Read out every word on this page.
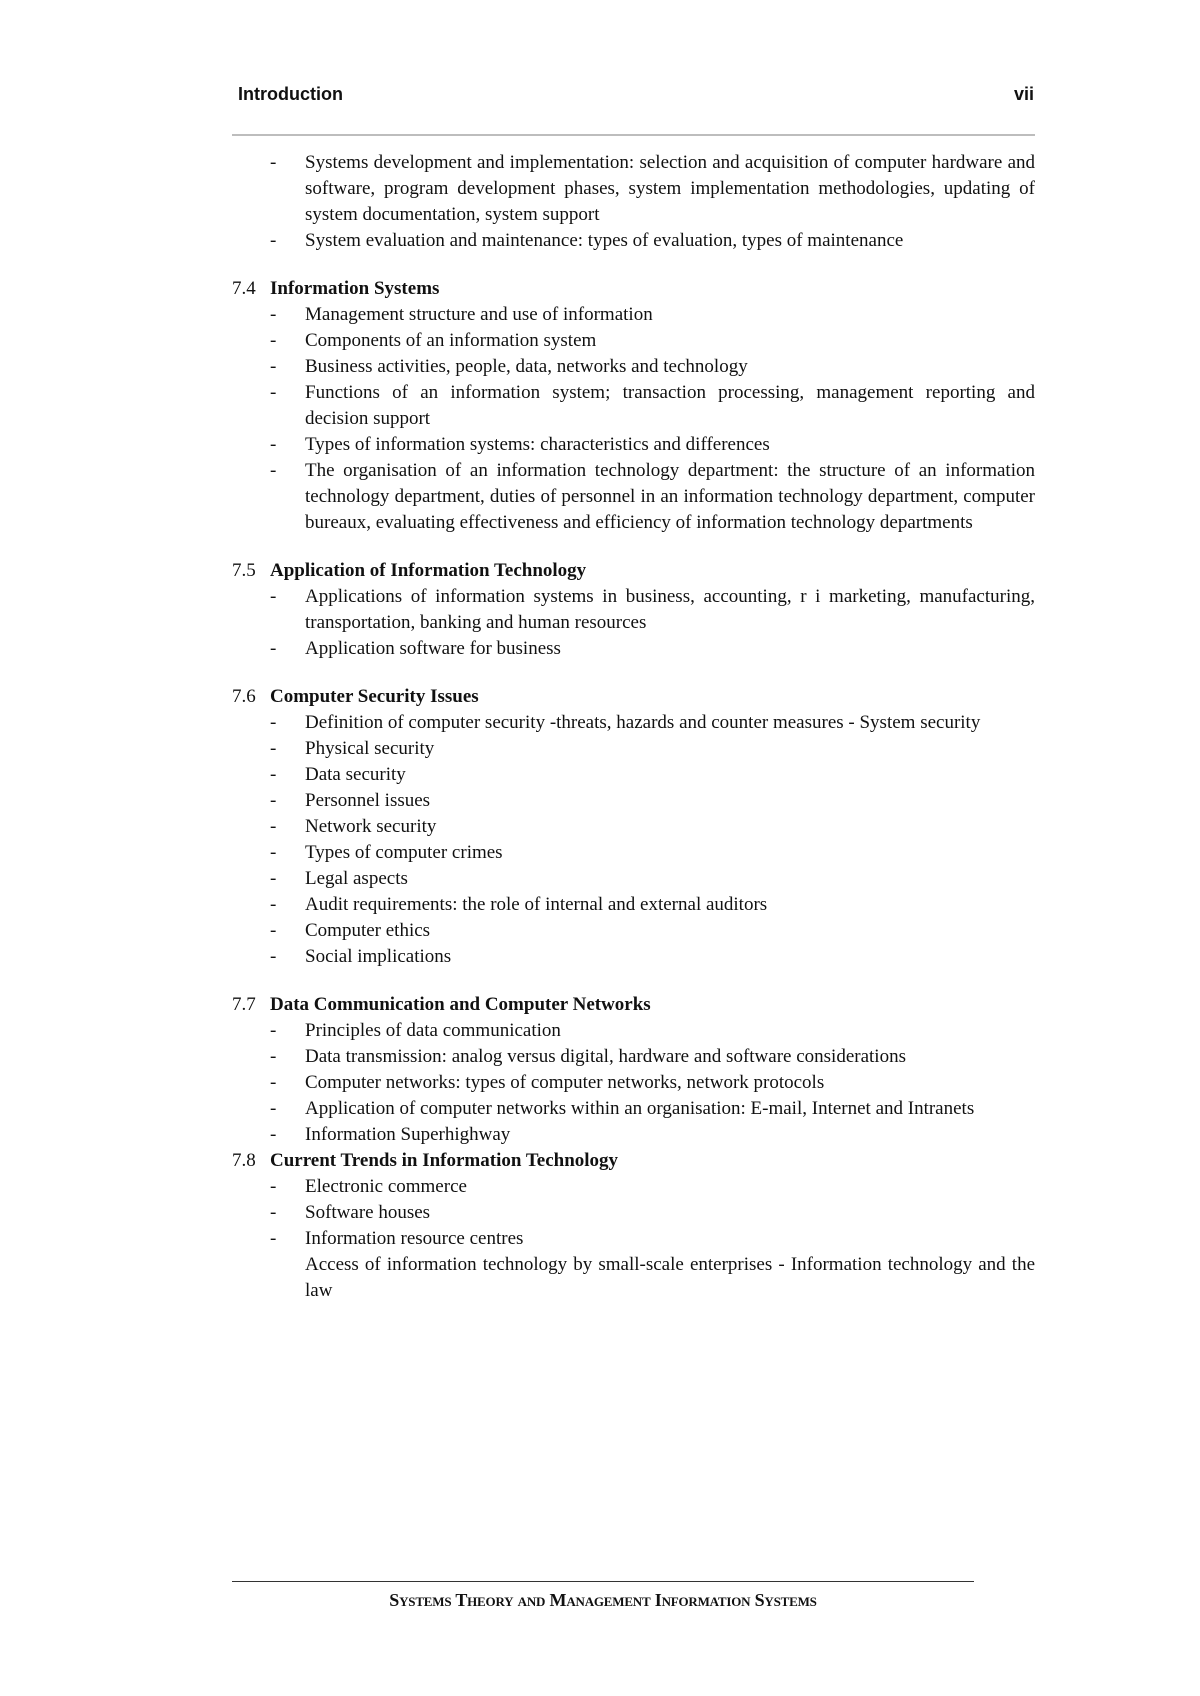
Introduction	vii
- Systems development and implementation: selection and acquisition of computer hardware and software, program development phases, system implementation methodologies, updating of system documentation, system support
- System evaluation and maintenance: types of evaluation, types of maintenance
7.4 Information Systems
- Management structure and use of information
- Components of an information system
- Business activities, people, data, networks and technology
- Functions of an information system; transaction processing, management reporting and decision support
- Types of information systems: characteristics and differences
- The organisation of an information technology department: the structure of an information technology department, duties of personnel in an information technology department, computer bureaux, evaluating effectiveness and efficiency of information technology departments
7.5 Application of Information Technology
- Applications of information systems in business, accounting, r i marketing, manufacturing, transportation, banking and human resources
- Application software for business
7.6 Computer Security Issues
- Definition of computer security -threats, hazards and counter measures - System security
- Physical security
- Data security
- Personnel issues
- Network security
- Types of computer crimes
- Legal aspects
- Audit requirements: the role of internal and external auditors
- Computer ethics
- Social implications
7.7 Data Communication and Computer Networks
- Principles of data communication
- Data transmission: analog versus digital, hardware and software considerations
- Computer networks: types of computer networks, network protocols
- Application of computer networks within an organisation: E-mail, Internet and Intranets
- Information Superhighway
7.8 Current Trends in Information Technology
- Electronic commerce
- Software houses
- Information resource centres
Access of information technology by small-scale enterprises - Information technology and the law
Systems Theory and Management Information Systems
